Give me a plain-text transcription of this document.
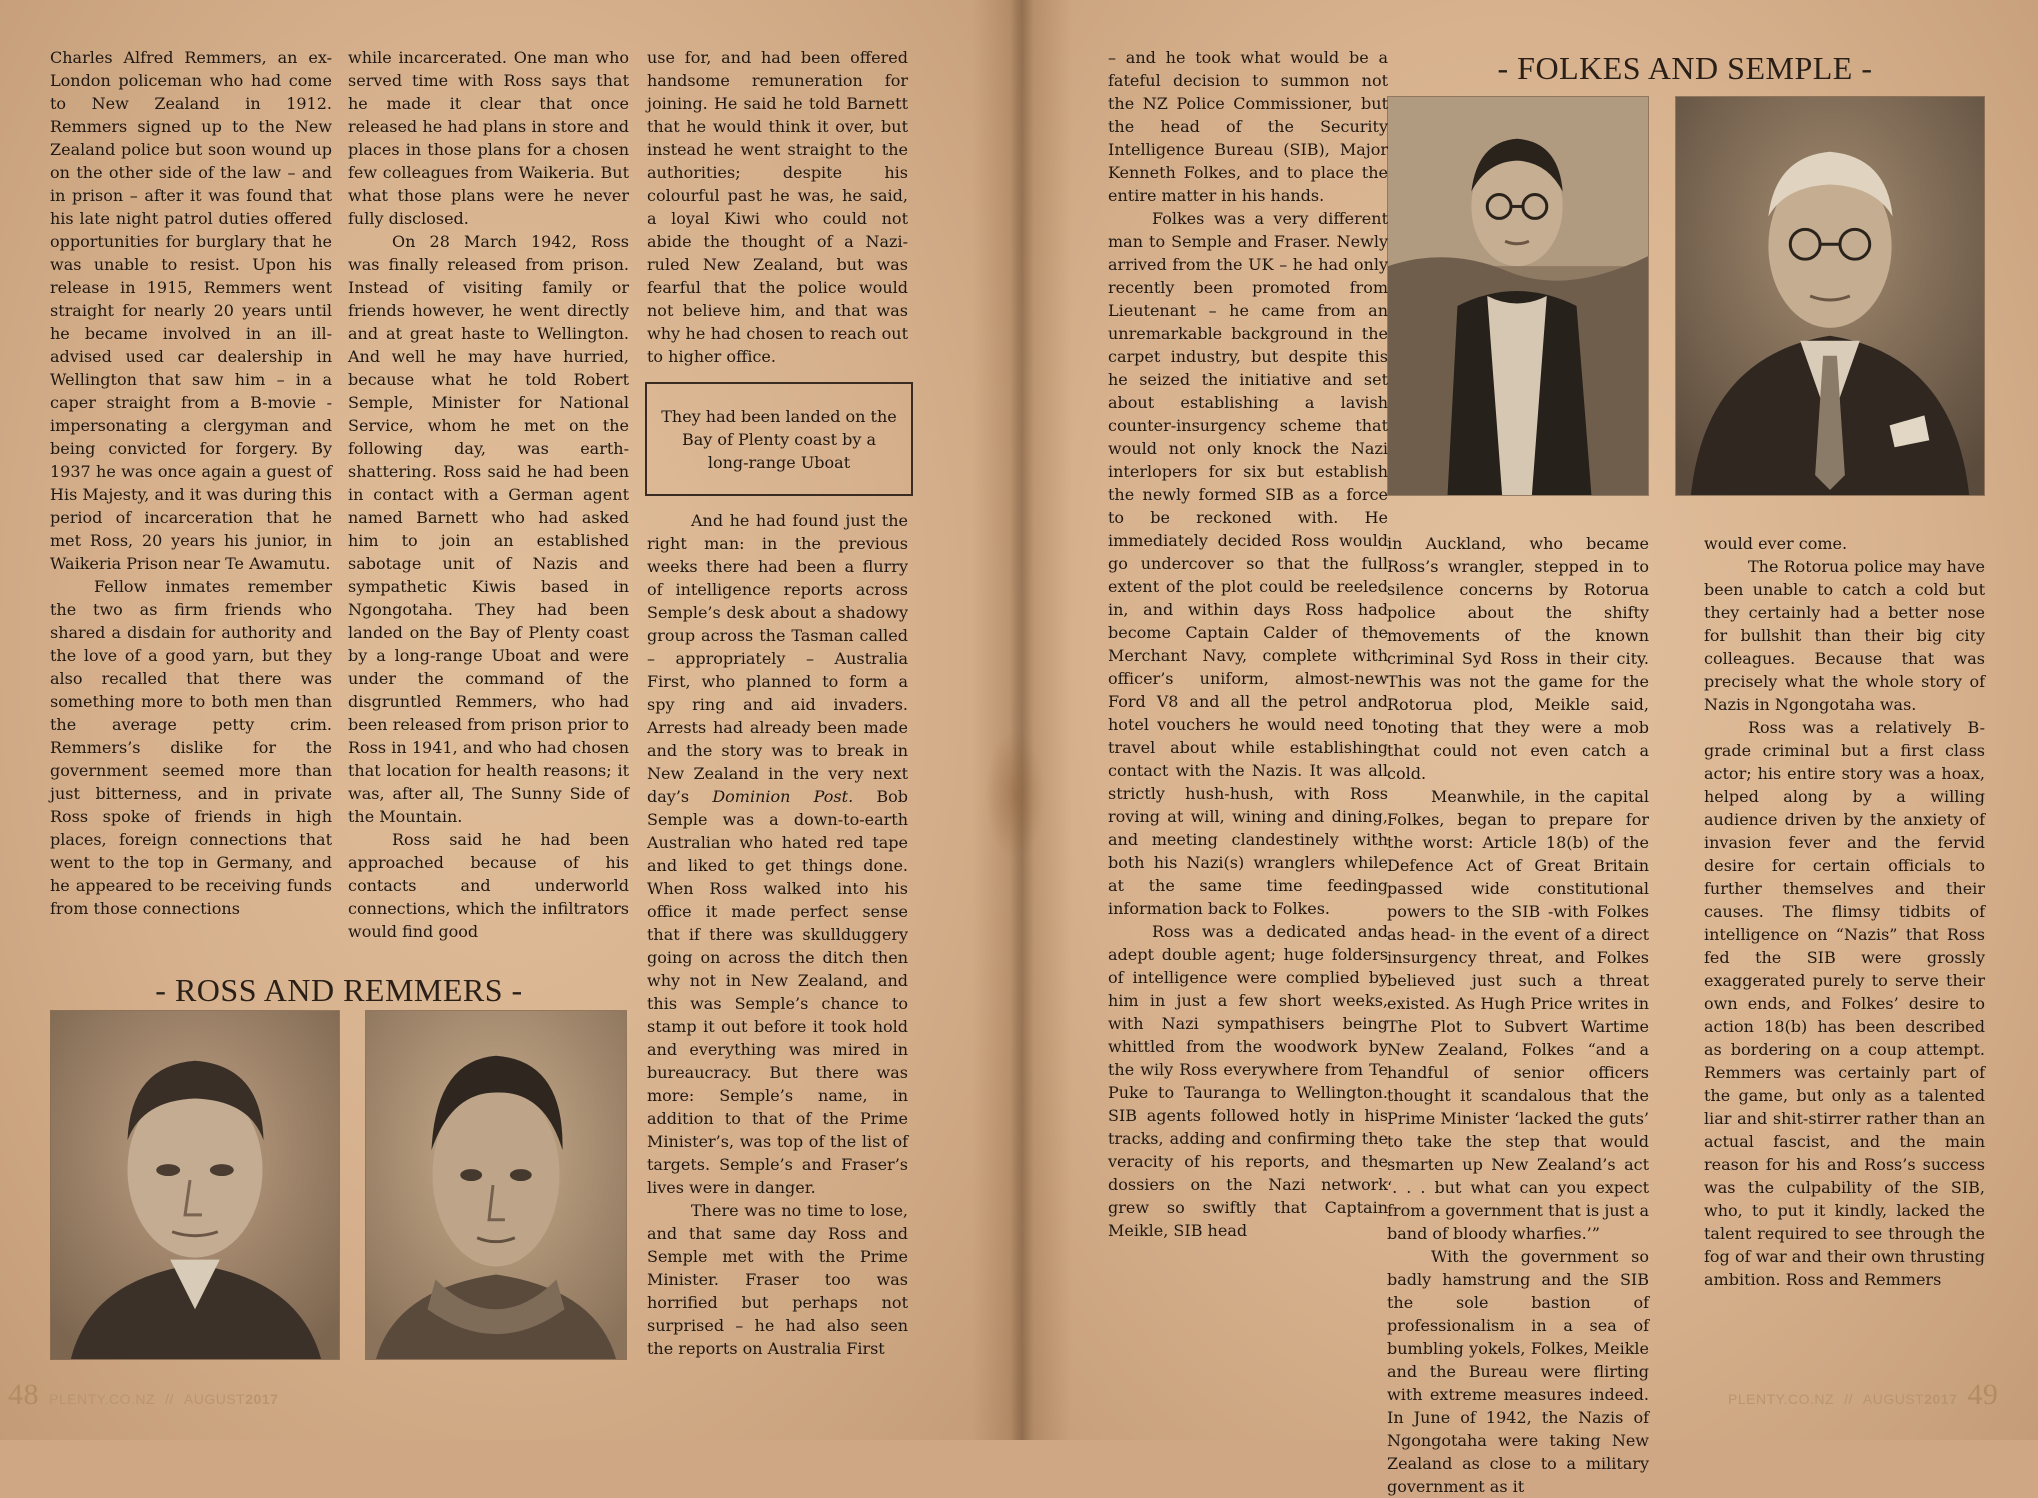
Charles Alfred Remmers, an ex-London policeman who had come to New Zealand in 1912. Remmers signed up to the New Zealand police but soon wound up on the other side of the law – and in prison – after it was found that his late night patrol duties offered opportunities for burglary that he was unable to resist. Upon his release in 1915, Remmers went straight for nearly 20 years until he became involved in an ill-advised used car dealership in Wellington that saw him – in a caper straight from a B-movie - impersonating a clergyman and being convicted for forgery. By 1937 he was once again a guest of His Majesty, and it was during this period of incarceration that he met Ross, 20 years his junior, in Waikeria Prison near Te Awamutu.

Fellow inmates remember the two as firm friends who shared a disdain for authority and the love of a good yarn, but they also recalled that there was something more to both men than the average petty crim. Remmers’s dislike for the government seemed more than just bitterness, and in private Ross spoke of friends in high places, foreign connections that went to the top in Germany, and he appeared to be receiving funds from those connections

while incarcerated. One man who served time with Ross says that he made it clear that once released he had plans in store and places in those plans for a chosen few colleagues from Waikeria. But what those plans were he never fully disclosed.

On 28 March 1942, Ross was finally released from prison. Instead of visiting family or friends however, he went directly and at great haste to Wellington. And well he may have hurried, because what he told Robert Semple, Minister for National Service, whom he met on the following day, was earth-shattering. Ross said he had been in contact with a German agent named Barnett who had asked him to join an established sabotage unit of Nazis and sympathetic Kiwis based in Ngongotaha. They had been landed on the Bay of Plenty coast by a long-range Uboat and were under the command of the disgruntled Remmers, who had been released from prison prior to Ross in 1941, and who had chosen that location for health reasons; it was, after all, The Sunny Side of the Mountain.

Ross said he had been approached because of his contacts and underworld connections, which the infiltrators would find good

use for, and had been offered handsome remuneration for joining. He said he told Barnett that he would think it over, but instead he went straight to the authorities; despite his colourful past he was, he said, a loyal Kiwi who could not abide the thought of a Nazi-ruled New Zealand, but was fearful that the police would not believe him, and that was why he had chosen to reach out to higher office.

They had been landed on the Bay of Plenty coast by a long-range Uboat

And he had found just the right man: in the previous weeks there had been a flurry of intelligence reports across Semple’s desk about a shadowy group across the Tasman called – appropriately – Australia First, who planned to form a spy ring and aid invaders. Arrests had already been made and the story was to break in New Zealand in the very next day’s Dominion Post. Bob Semple was a down-to-earth Australian who hated red tape and liked to get things done. When Ross walked into his office it made perfect sense that if there was skullduggery going on across the ditch then why not in New Zealand, and this was Semple’s chance to stamp it out before it took hold and everything was mired in bureaucracy. But there was more: Semple’s name, in addition to that of the Prime Minister’s, was top of the list of targets. Semple’s and Fraser’s lives were in danger.

There was no time to lose, and that same day Ross and Semple met with the Prime Minister. Fraser too was horrified but perhaps not surprised – he had also seen the reports on Australia First

- ROSS AND REMMERS -
48 PLENTY.CO.NZ // AUGUST2017

– and he took what would be a fateful decision to summon not the NZ Police Commissioner, but the head of the Security Intelligence Bureau (SIB), Major Kenneth Folkes, and to place the entire matter in his hands.

Folkes was a very different man to Semple and Fraser. Newly arrived from the UK – he had only recently been promoted from Lieutenant – he came from an unremarkable background in the carpet industry, but despite this he seized the initiative and set about establishing a lavish counter-insurgency scheme that would not only knock the Nazi interlopers for six but establish the newly formed SIB as a force to be reckoned with. He immediately decided Ross would go undercover so that the full extent of the plot could be reeled in, and within days Ross had become Captain Calder of the Merchant Navy, complete with officer’s uniform, almost-new Ford V8 and all the petrol and hotel vouchers he would need to travel about while establishing contact with the Nazis. It was all strictly hush-hush, with Ross roving at will, wining and dining, and meeting clandestinely with both his Nazi(s) wranglers while at the same time feeding information back to Folkes.

Ross was a dedicated and adept double agent; huge folders of intelligence were complied by him in just a few short weeks, with Nazi sympathisers being whittled from the woodwork by the wily Ross everywhere from Te Puke to Tauranga to Wellington. SIB agents followed hotly in his tracks, adding and confirming the veracity of his reports, and the dossiers on the Nazi network grew so swiftly that Captain Meikle, SIB head

- FOLKES AND SEMPLE -

in Auckland, who became Ross’s wrangler, stepped in to silence concerns by Rotorua police about the shifty movements of the known criminal Syd Ross in their city. This was not the game for the Rotorua plod, Meikle said, noting that they were a mob that could not even catch a cold.

Meanwhile, in the capital Folkes, began to prepare for the worst: Article 18(b) of the Defence Act of Great Britain passed wide constitutional powers to the SIB -with Folkes as head- in the event of a direct insurgency threat, and Folkes believed just such a threat existed. As Hugh Price writes in The Plot to Subvert Wartime New Zealand, Folkes “and a handful of senior officers thought it scandalous that the Prime Minister ‘lacked the guts’ to take the step that would smarten up New Zealand’s act ‘. . . but what can you expect from a government that is just a band of bloody wharfies.’”

With the government so badly hamstrung and the SIB the sole bastion of professionalism in a sea of bumbling yokels, Folkes, Meikle and the Bureau were flirting with extreme measures indeed. In June of 1942, the Nazis of Ngongotaha were taking New Zealand as close to a military government as it

would ever come.

The Rotorua police may have been unable to catch a cold but they certainly had a better nose for bullshit than their big city colleagues. Because that was precisely what the whole story of Nazis in Ngongotaha was.

Ross was a relatively B-grade criminal but a first class actor; his entire story was a hoax, helped along by a willing audience driven by the anxiety of invasion fever and the fervid desire for certain officials to further themselves and their causes. The flimsy tidbits of intelligence on “Nazis” that Ross fed the SIB were grossly exaggerated purely to serve their own ends, and Folkes’ desire to action 18(b) has been described as bordering on a coup attempt. Remmers was certainly part of the game, but only as a talented liar and shit-stirrer rather than an actual fascist, and the main reason for his and Ross’s success was the culpability of the SIB, who, to put it kindly, lacked the talent required to see through the fog of war and their own thrusting ambition. Ross and Remmers

PLENTY.CO.NZ // AUGUST2017 49
